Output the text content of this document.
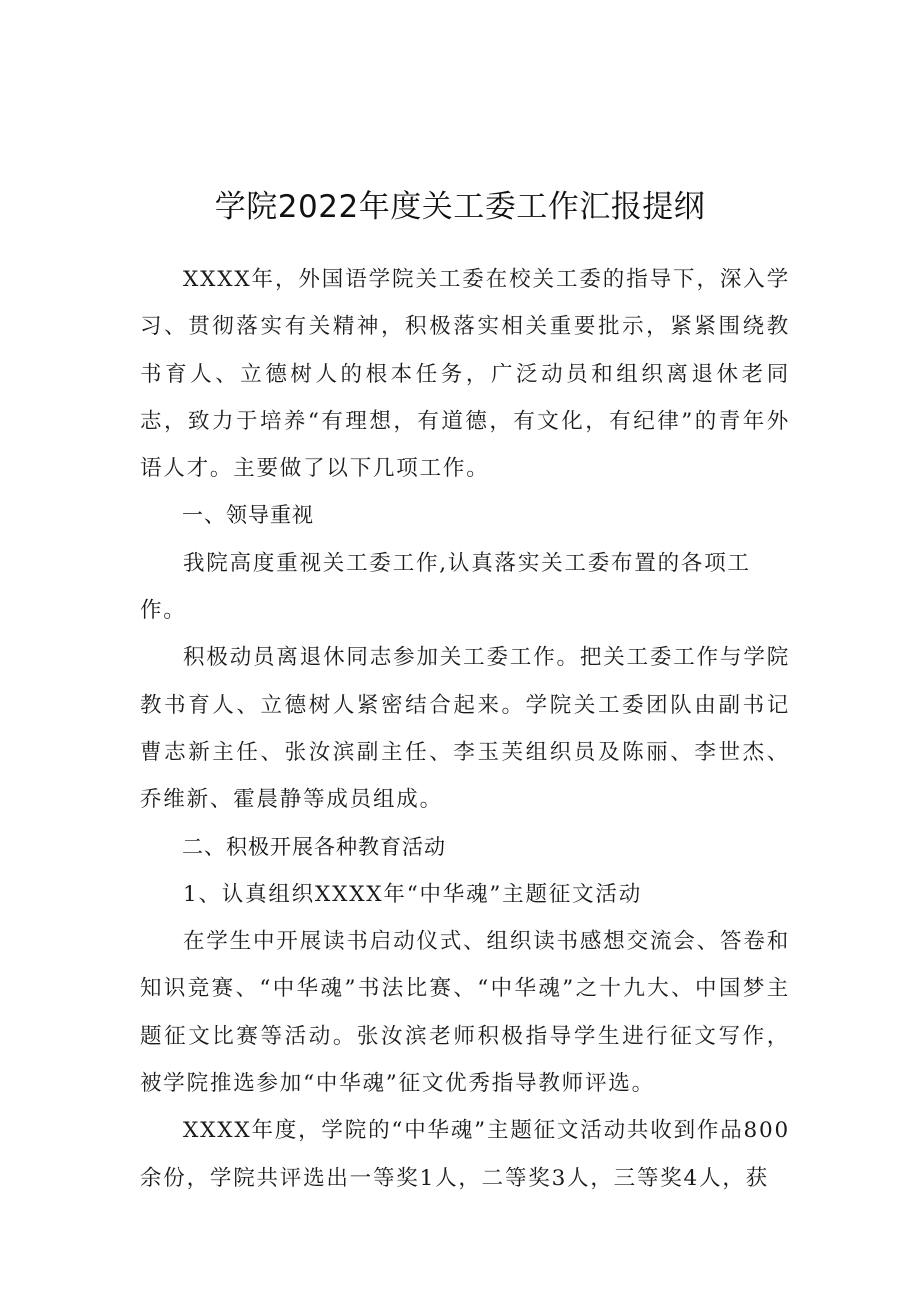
学院2022年度关工委工作汇报提纲

XXXX年，外国语学院关工委在校关工委的指导下，深入学习、贯彻落实有关精神，积极落实相关重要批示，紧紧围绕教书育人、立德树人的根本任务，广泛动员和组织离退休老同志，致力于培养“有理想，有道德，有文化，有纪律”的青年外语人才。主要做了以下几项工作。

一、领导重视

我院高度重视关工委工作,认真落实关工委布置的各项工作。

积极动员离退休同志参加关工委工作。把关工委工作与学院教书育人、立德树人紧密结合起来。学院关工委团队由副书记曹志新主任、张汝滨副主任、李玉芙组织员及陈丽、李世杰、乔维新、霍晨静等成员组成。

二、积极开展各种教育活动

1、认真组织XXXX年“中华魂”主题征文活动

在学生中开展读书启动仪式、组织读书感想交流会、答卷和知识竞赛、“中华魂”书法比赛、“中华魂”之十九大、中国梦主题征文比赛等活动。张汝滨老师积极指导学生进行征文写作，被学院推选参加“中华魂”征文优秀指导教师评选。

XXXX年度，学院的“中华魂”主题征文活动共收到作品800余份，学院共评选出一等奖1人，二等奖3人，三等奖4人，获
